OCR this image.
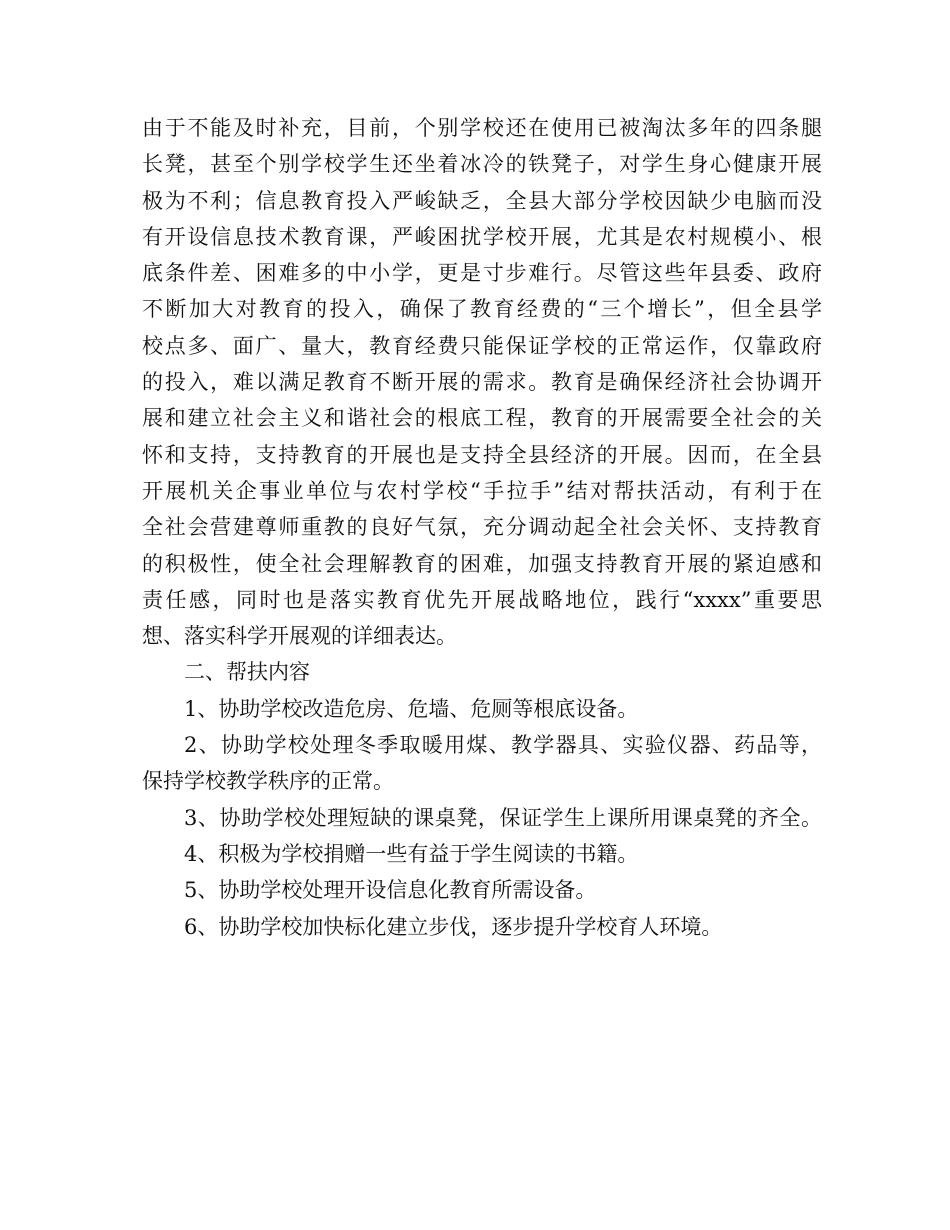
由于不能及时补充，目前，个别学校还在使用已被淘汰多年的四条腿
长凳，甚至个别学校学生还坐着冰冷的铁凳子，对学生身心健康开展
极为不利；信息教育投入严峻缺乏，全县大部分学校因缺少电脑而没
有开设信息技术教育课，严峻困扰学校开展，尤其是农村规模小、根
底条件差、困难多的中小学，更是寸步难行。尽管这些年县委、政府
不断加大对教育的投入，确保了教育经费的“三个增长”，但全县学
校点多、面广、量大，教育经费只能保证学校的正常运作，仅靠政府
的投入，难以满足教育不断开展的需求。教育是确保经济社会协调开
展和建立社会主义和谐社会的根底工程，教育的开展需要全社会的关
怀和支持，支持教育的开展也是支持全县经济的开展。因而，在全县
开展机关企事业单位与农村学校“手拉手”结对帮扶活动，有利于在
全社会营建尊师重教的良好气氛，充分调动起全社会关怀、支持教育
的积极性，使全社会理解教育的困难，加强支持教育开展的紧迫感和
责任感，同时也是落实教育优先开展战略地位，践行“xxxx”重要思
想、落实科学开展观的详细表达。
二、帮扶内容
1、协助学校改造危房、危墙、危厕等根底设备。
2、协助学校处理冬季取暖用煤、教学器具、实验仪器、药品等，
保持学校教学秩序的正常。
3、协助学校处理短缺的课桌凳，保证学生上课所用课桌凳的齐全。
4、积极为学校捐赠一些有益于学生阅读的书籍。
5、协助学校处理开设信息化教育所需设备。
6、协助学校加快标化建立步伐，逐步提升学校育人环境。
